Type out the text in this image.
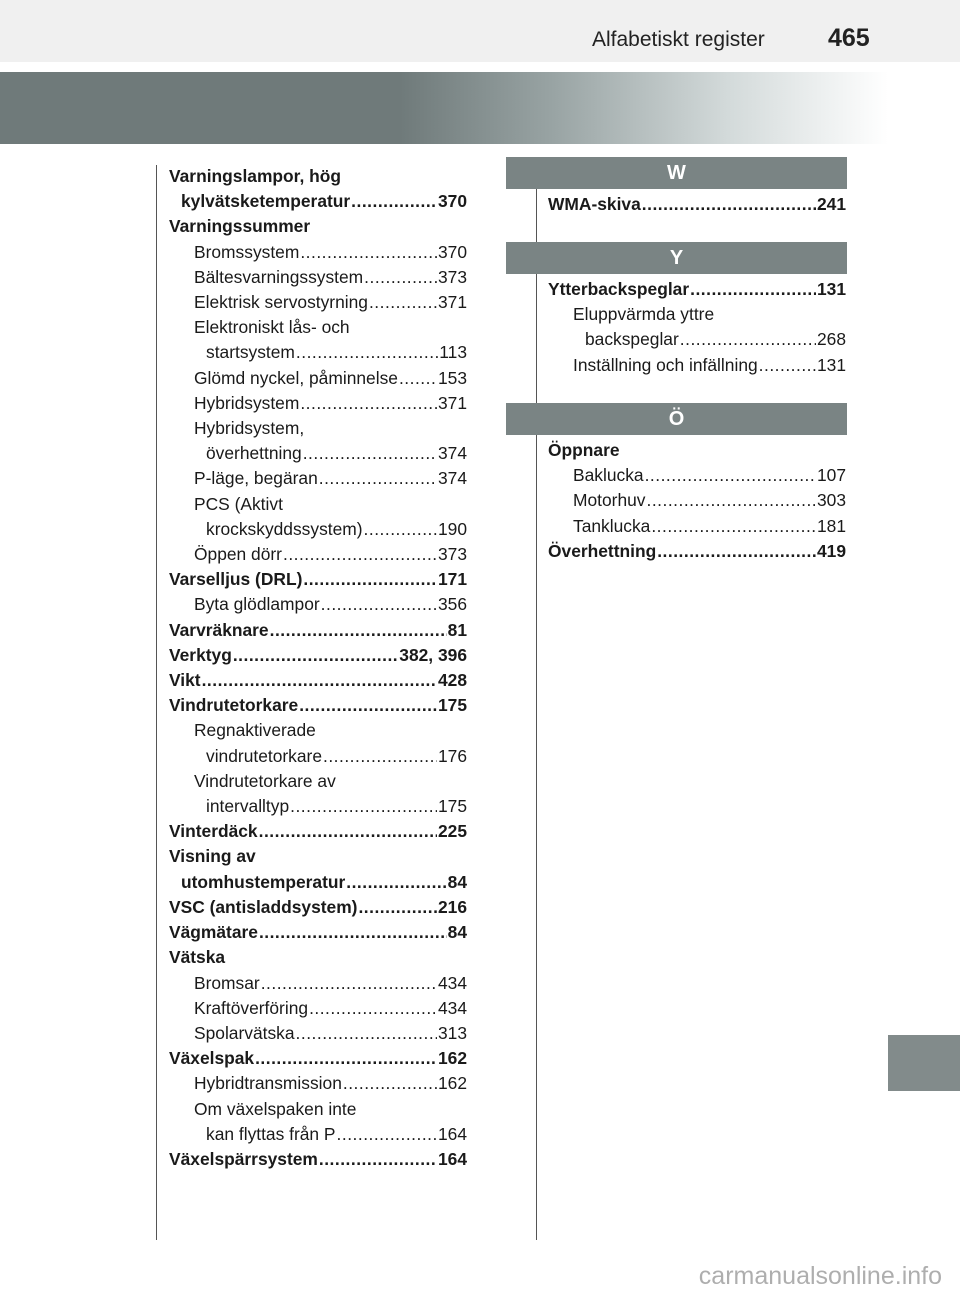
Alfabetiskt register	465
Varningslampor, hög
kylvätsketemperatur .....	370
Varningssummer
Bromssystem .....	370
Bältesvarningssystem .....	373
Elektrisk servostyrning .....	371
Elektroniskt lås- och
startsystem .....	113
Glömd nyckel, påminnelse ..... 153
Hybridsystem .....	371
Hybridsystem,
överhettning .....	374
P-läge, begäran .....	374
PCS (Aktivt
krockskyddssystem) .....	190
Öppen dörr .....	373
Varselljus (DRL) .....	171
Byta glödlampor .....	356
Varvräknare .....	81
Verktyg .....	382, 396
Vikt .....	428
Vindrutetorkare .....	175
Regnaktiverade
vindrutetorkare .....	176
Vindrutetorkare av
intervalltyp .....	175
Vinterdäck .....	225
Visning av
utomhustemperatur .....	84
VSC (antisladdsystem) .....	216
Vägmätare .....	84
Vätska
Bromsar .....	434
Kraftöverföring .....	434
Spolarvätska .....	313
Växelspak .....	162
Hybridtransmission .....	162
Om växelspaken inte
kan flyttas från P .....	164
Växelspärrsystem .....	164
W
WMA-skiva .....	241
Y
Ytterbackspeglar .....	131
Eluppvärmda yttre
backspeglar .....	268
Inställning och infällning .....	131
Ö
Öppnare
Baklucka .....	107
Motorhuv .....	303
Tanklucka .....	181
Överhettning .....	419
carmanualsonline.info
